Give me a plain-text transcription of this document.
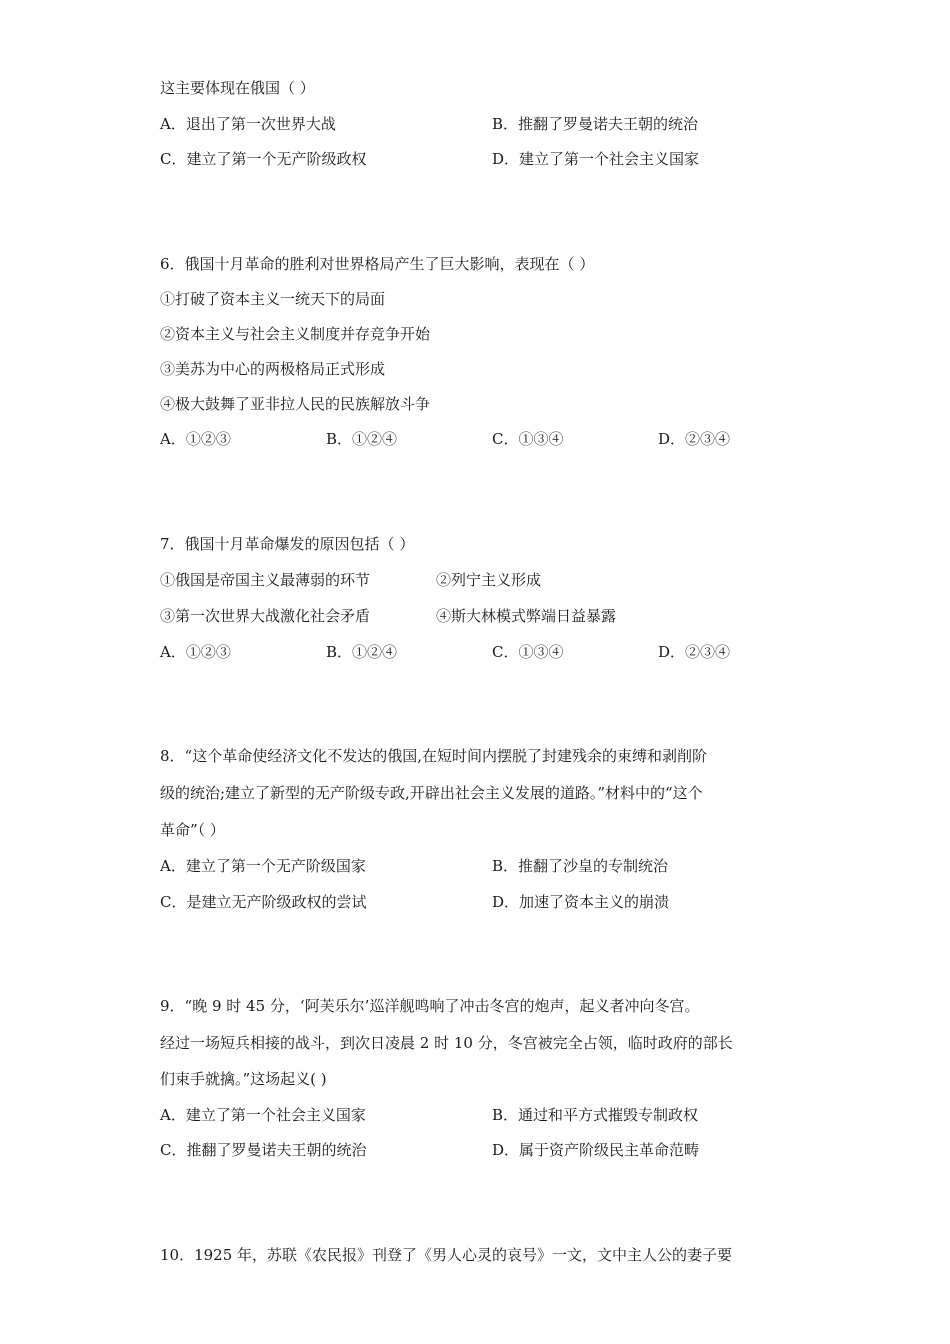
这主要体现在俄国（ ）
A．退出了第一次世界大战	B．推翻了罗曼诺夫王朝的统治
C．建立了第一个无产阶级政权	D．建立了第一个社会主义国家
6．俄国十月革命的胜利对世界格局产生了巨大影响，表现在（ ）
①打破了资本主义一统天下的局面
②资本主义与社会主义制度并存竞争开始
③美苏为中心的两极格局正式形成
④极大鼓舞了亚非拉人民的民族解放斗争
A．①②③	B．①②④	C．①③④	D．②③④
7．俄国十月革命爆发的原因包括（ ）
①俄国是帝国主义最薄弱的环节	②列宁主义形成
③第一次世界大战激化社会矛盾	④斯大林模式弊端日益暴露
A．①②③	B．①②④	C．①③④	D．②③④
8．“这个革命使经济文化不发达的俄国,在短时间内摆脱了封建残余的束缚和剥削阶
级的统治;建立了新型的无产阶级专政,开辟出社会主义发展的道路。”材料中的“这个
革命”（ ）
A．建立了第一个无产阶级国家	B．推翻了沙皇的专制统治
C．是建立无产阶级政权的尝试	D．加速了资本主义的崩溃
9．“晚 9 时 45 分，‘阿芙乐尔’巡洋舰鸣响了冲击冬宫的炮声，起义者冲向冬宫。
经过一场短兵相接的战斗，到次日凌晨 2 时 10 分，冬宫被完全占领，临时政府的部长
们束手就擒。”这场起义( )
A．建立了第一个社会主义国家	B．通过和平方式摧毁专制政权
C．推翻了罗曼诺夫王朝的统治	D．属于资产阶级民主革命范畴
10．1925 年，苏联《农民报》刊登了《男人心灵的哀号》一文，文中主人公的妻子要
